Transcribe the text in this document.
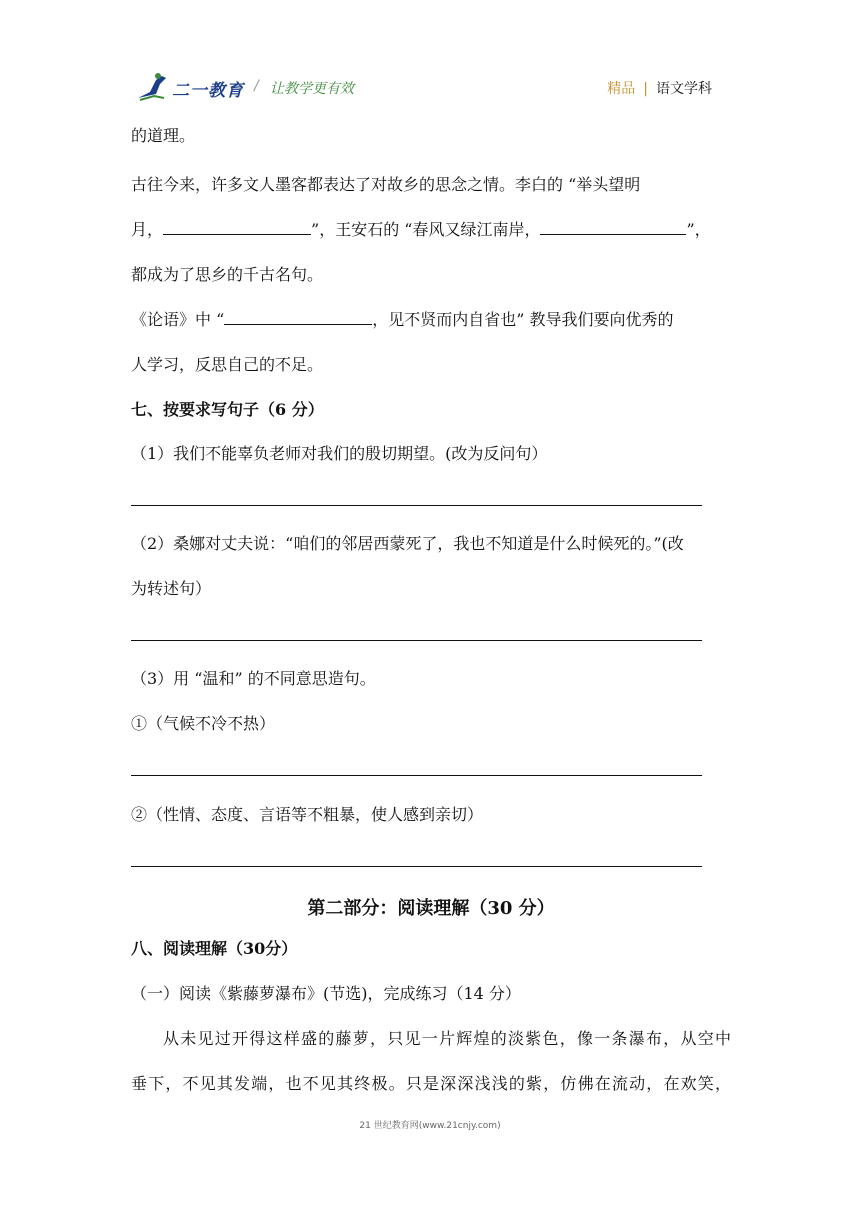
二一教育 / 让教学更有效	精品 | 语文学科
的道理。
古往今来，许多文人墨客都表达了对故乡的思念之情。李白的 “举头望明
月，	”，王安石的 “春风又绿江南岸，	”，
都成为了思乡的千古名句。
《论语》中 “	，见不贤而内自省也” 教导我们要向优秀的
人学习，反思自己的不足。
七、按要求写句子（6 分）
（1）我们不能辜负老师对我们的殷切期望。(改为反问句）
（2）桑娜对丈夫说：“咱们的邻居西蒙死了，我也不知道是什么时候死的。”(改
为转述句）
（3）用 “温和” 的不同意思造句。
①（气候不冷不热）
②（性情、态度、言语等不粗暴，使人感到亲切）
第二部分：阅读理解（30 分）
八、阅读理解（30分）
（一）阅读《紫藤萝瀑布》(节选)，完成练习（14 分）
从未见过开得这样盛的藤萝，只见一片辉煌的淡紫色，像一条瀑布，从空中
垂下，不见其发端，也不见其终极。只是深深浅浅的紫，仿佛在流动，在欢笑，
21 世纪教育网(www.21cnjy.com)
